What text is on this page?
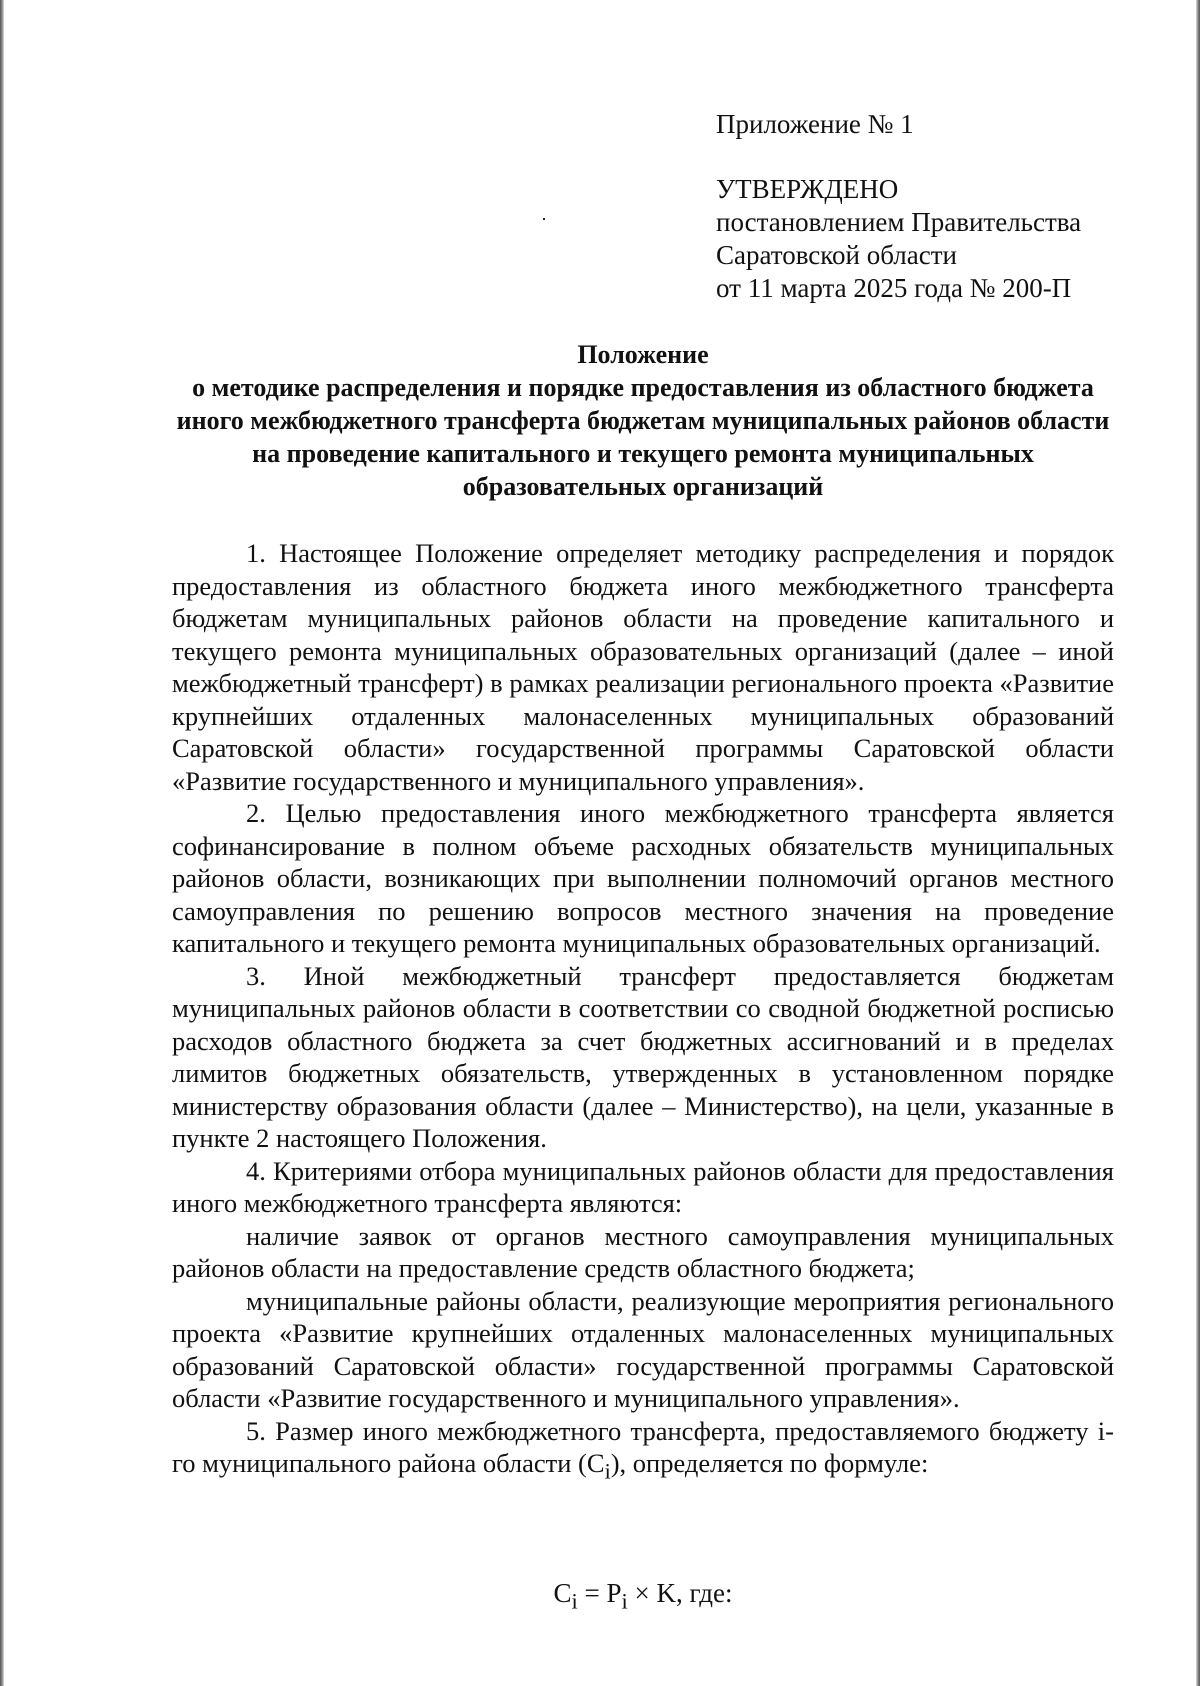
Приложение № 1
УТВЕРЖДЕНО
постановлением Правительства
Саратовской области
от 11 марта 2025 года № 200-П
Положение
о методике распределения и порядке предоставления из областного бюджета иного межбюджетного трансферта бюджетам муниципальных районов области на проведение капитального и текущего ремонта муниципальных образовательных организаций

1. Настоящее Положение определяет методику распределения и порядок предоставления из областного бюджета иного межбюджетного трансферта бюджетам муниципальных районов области на проведение капитального и текущего ремонта муниципальных образовательных организаций (далее – иной межбюджетный трансферт) в рамках реализации регионального проекта «Развитие крупнейших отдаленных малонаселенных муниципальных образований Саратовской области» государственной программы Саратовской области «Развитие государственного и муниципального управления».

2. Целью предоставления иного межбюджетного трансферта является софинансирование в полном объеме расходных обязательств муниципальных районов области, возникающих при выполнении полномочий органов местного самоуправления по решению вопросов местного значения на проведение капитального и текущего ремонта муниципальных образовательных организаций.

3. Иной межбюджетный трансферт предоставляется бюджетам муниципальных районов области в соответствии со сводной бюджетной росписью расходов областного бюджета за счет бюджетных ассигнований и в пределах лимитов бюджетных обязательств, утвержденных в установленном порядке министерству образования области (далее – Министерство), на цели, указанные в пункте 2 настоящего Положения.

4. Критериями отбора муниципальных районов области для предоставления иного межбюджетного трансферта являются:

наличие заявок от органов местного самоуправления муниципальных районов области на предоставление средств областного бюджета;

муниципальные районы области, реализующие мероприятия регионального проекта «Развитие крупнейших отдаленных малонаселенных муниципальных образований Саратовской области» государственной программы Саратовской области «Развитие государственного и муниципального управления».

5. Размер иного межбюджетного трансферта, предоставляемого бюджету i-го муниципального района области $(C_i)$, определяется по формуле:

$C_i = P_i \times K$, где:
